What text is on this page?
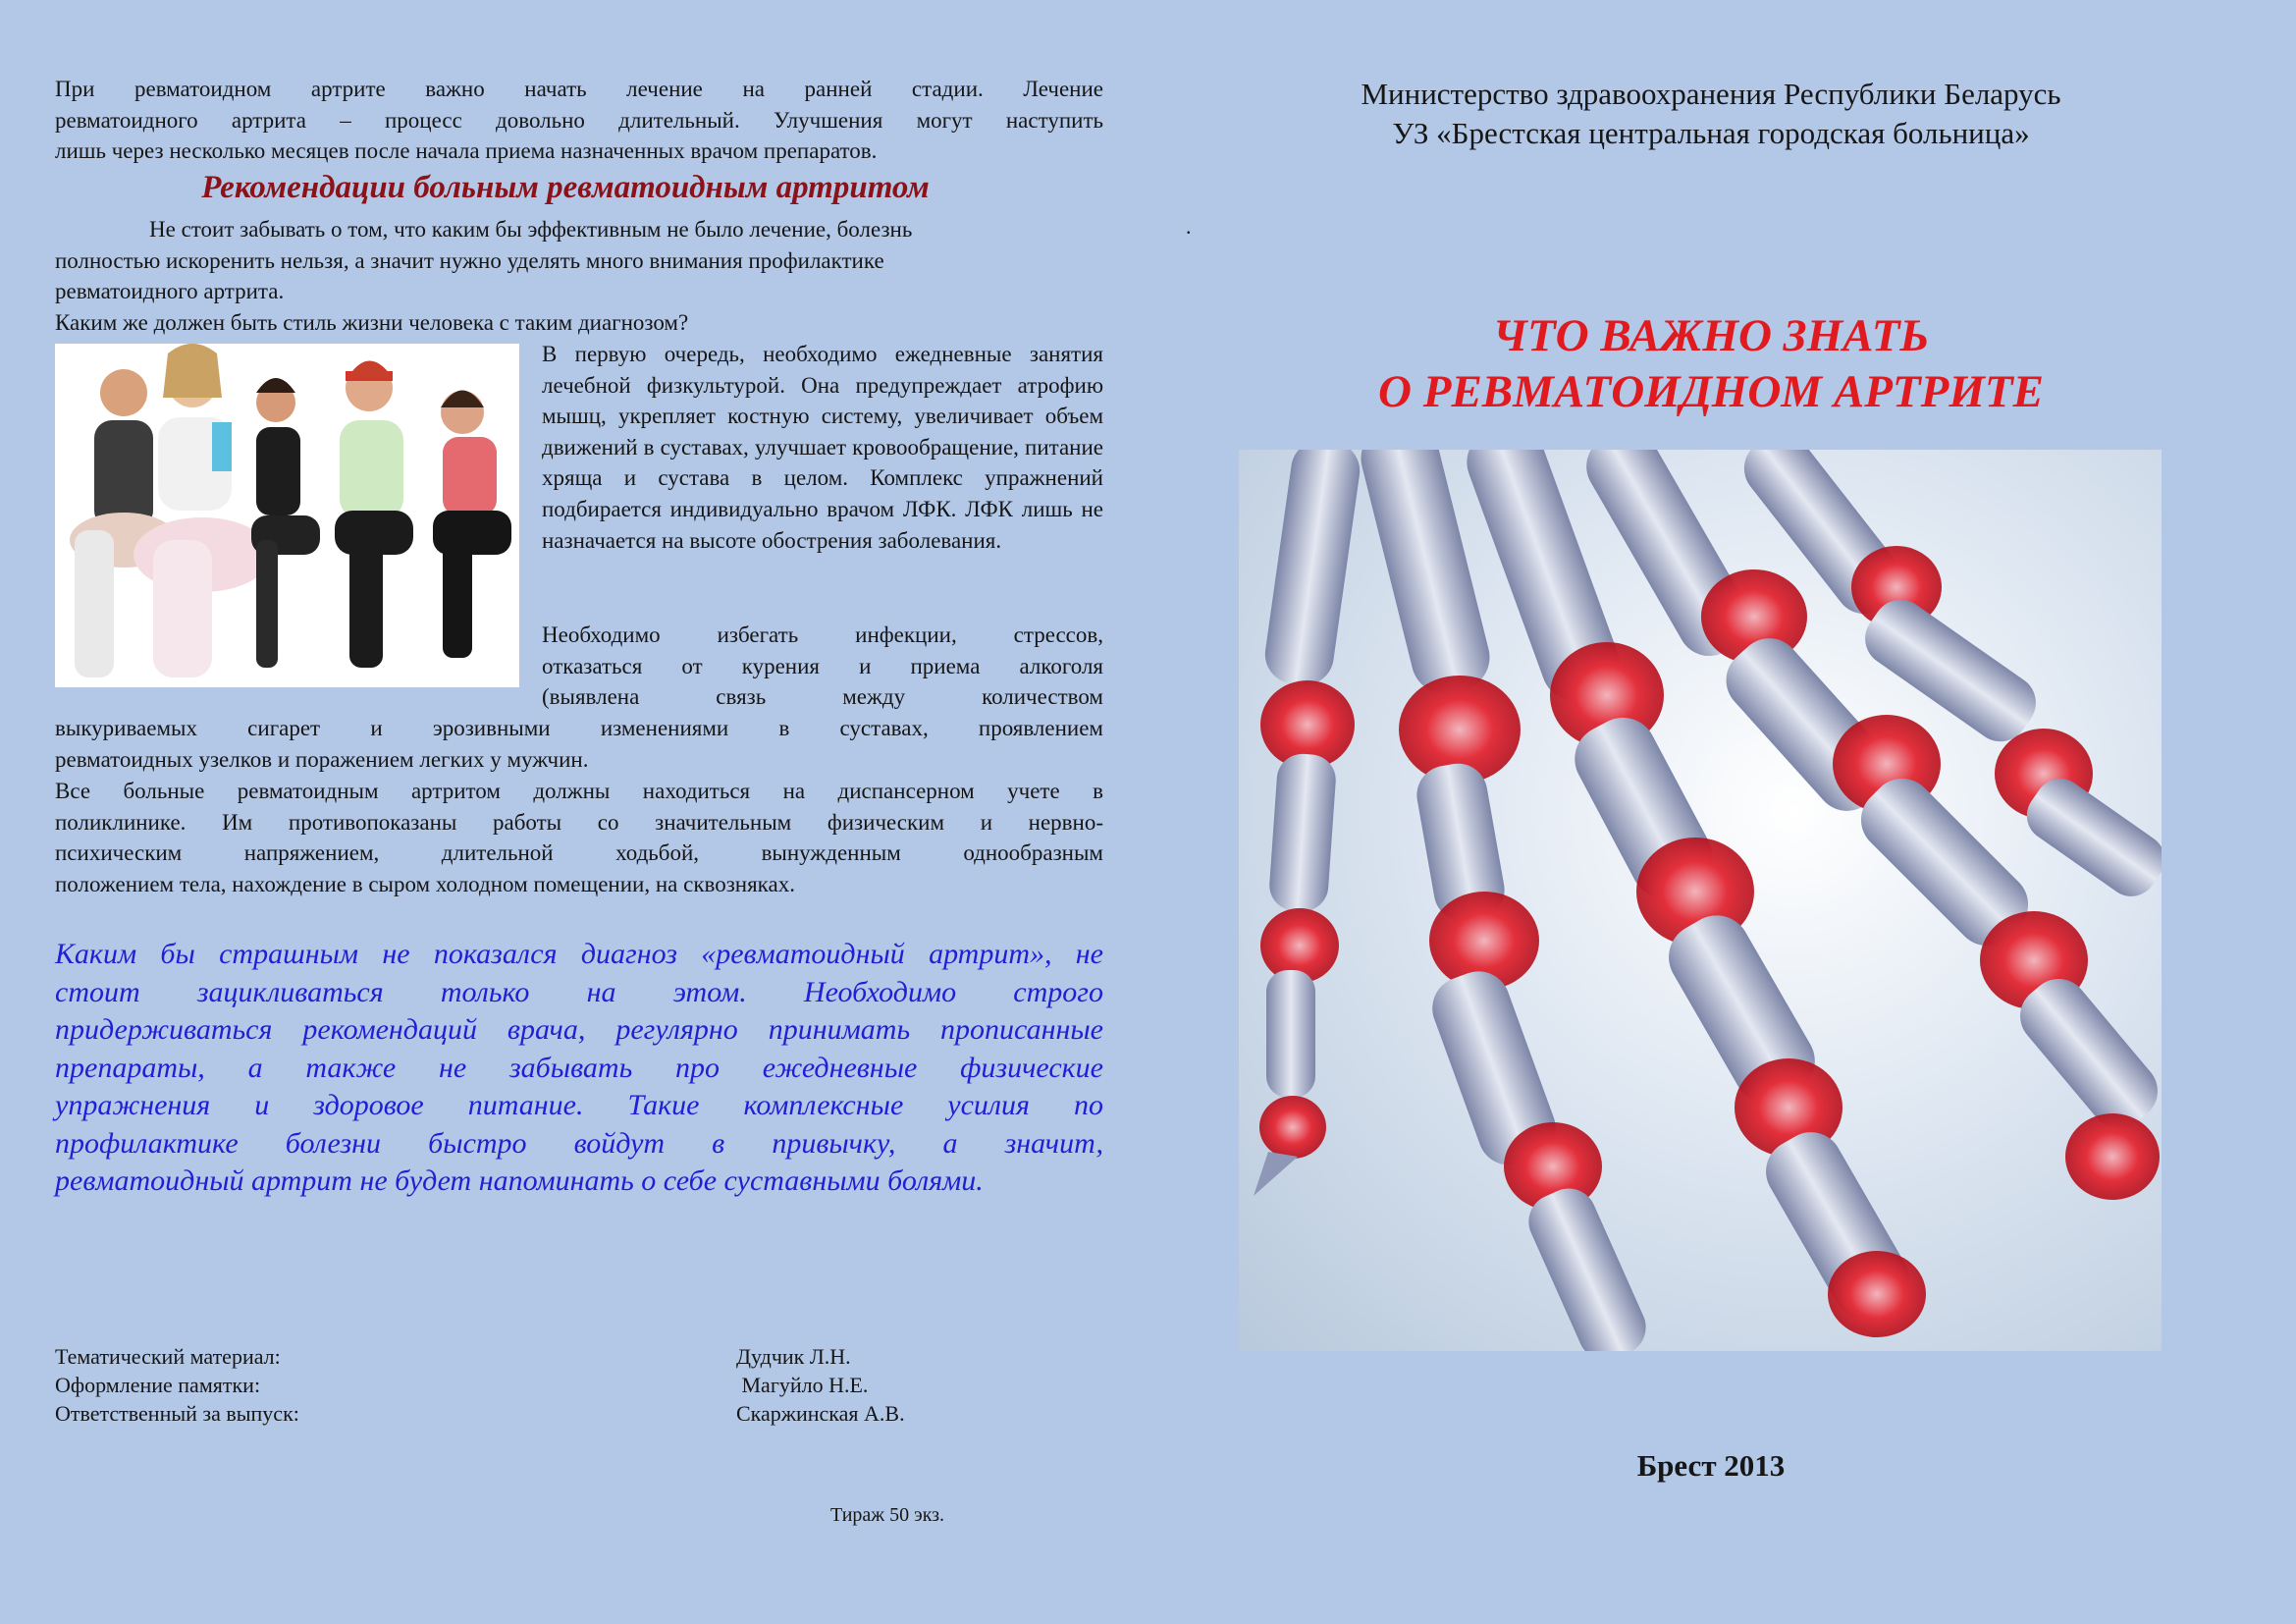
При ревматоидном артрите важно начать лечение на ранней стадии. Лечение

ревматоидного артрита – процесс довольно длительный. Улучшения могут наступить

лишь через несколько месяцев после начала приема назначенных врачом препаратов.

Рекомендации больным ревматоидным артритом

Не стоит забывать о том, что каким бы эффективным не было лечение, болезнь

полностью искоренить нельзя, а значит нужно уделять много внимания профилактике

ревматоидного артрита.

Каким же должен быть стиль жизни человека с таким диагнозом?

В первую очередь, необходимо ежедневные занятия лечебной физкультурой. Она предупреждает атрофию мышц, укрепляет костную систему, увеличивает объем движений в суставах, улучшает кровообращение, питание хряща и сустава в целом. Комплекс упражнений подбирается индивидуально врачом ЛФК. ЛФК лишь не назначается на высоте обострения заболевания.

Необходимо избегать инфекции, стрессов,

отказаться от курения и приема алкоголя

(выявлена связь между количеством

выкуриваемых сигарет и эрозивными изменениями в суставах, проявлением

ревматоидных узелков и поражением легких у мужчин.

Все больные ревматоидным артритом должны находиться на диспансерном учете в

поликлинике. Им противопоказаны работы со значительным физическим и нервно-

психическим напряжением, длительной ходьбой, вынужденным однообразным

положением тела, нахождение в сыром холодном помещении, на сквозняках.

Каким бы страшным не показался диагноз «ревматоидный артрит», не

стоит зацикливаться только на этом. Необходимо строго

придерживаться рекомендаций врача, регулярно принимать прописанные

препараты, а также не забывать про ежедневные физические

упражнения и здоровое питание. Такие комплексные усилия по

профилактике болезни быстро войдут в привычку, а значит,

ревматоидный артрит не будет напоминать о себе суставными болями.

Тематический материал:	Дудчик Л.Н.
Оформление памятки:	Магуйло Н.Е.
Ответственный за выпуск:	Скаржинская А.В.
Тираж 50 экз.
Министерство здравоохранения Республики Беларусь
УЗ «Брестская центральная городская больница»
.
ЧТО ВАЖНО ЗНАТЬ
О РЕВМАТОИДНОМ АРТРИТЕ
Брест 2013
